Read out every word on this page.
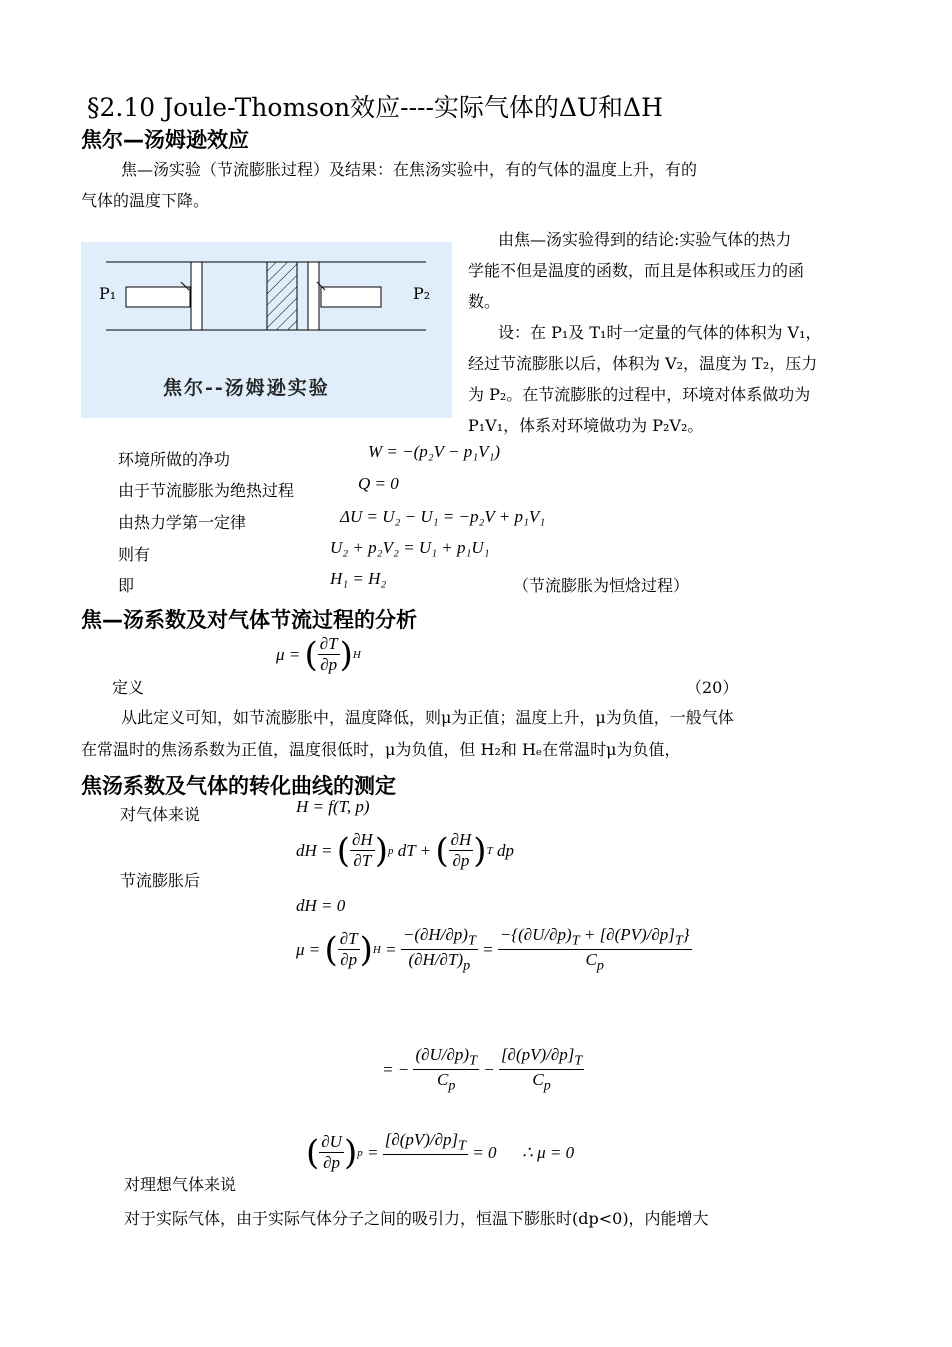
§2.10 Joule-Thomson效应----实际气体的ΔU和ΔH
焦尔—汤姆逊效应
焦—汤实验（节流膨胀过程）及结果：在焦汤实验中，有的气体的温度上升，有的
气体的温度下降。
P₁	P₂
焦尔--汤姆逊实验
由焦—汤实验得到的结论:实验气体的热力
学能不但是温度的函数，而且是体积或压力的函
数。
设：在 P₁及 T₁时一定量的气体的体积为 V₁，
经过节流膨胀以后，体积为 V₂，温度为 T₂，压力
为 P₂。在节流膨胀的过程中，环境对体系做功为
P₁V₁，体系对环境做功为 P₂V₂。
环境所做的净功	W = −(p₂V − p₁V₁)
由于节流膨胀为绝热过程	Q = 0
由热力学第一定律	ΔU = U₂ − U₁ = −p₂V + p₁V₁
则有	U₂ + p₂V₂ = U₁ + p₁U₁
即	H₁ = H₂	（节流膨胀为恒焓过程）
焦—汤系数及对气体节流过程的分析
μ = ( $\frac{\partial T}{\partial p}$ ) H
定义	（20）
从此定义可知，如节流膨胀中，温度降低，则μ为正值；温度上升，μ为负值，一般气体
在常温时的焦汤系数为正值，温度很低时，μ为负值，但 H₂和 Hₑ在常温时μ为负值，
焦汤系数及气体的转化曲线的测定
对气体来说	H = f(T, p)
dH = ( $\frac{\partial H}{\partial T}$ ) p dT + ( $\frac{\partial H}{\partial p}$ ) T dp
节流膨胀后
dH = 0
μ = ( $\frac{\partial T}{\partial p}$ ) $H = \frac{-(\partial H/\partial p)_T}{(\partial H/\partial T)_p} = \frac{-\{(\partial U/\partial p)_T + [\partial(PV)/\partial p]_T\}}{C_p}$
= − $\frac{(\partial U/\partial p)_T}{C_p} - \frac{[\partial(pV)/\partial p]_T}{C_p}$
( $\frac{\partial U}{\partial p}$ ) p =
$[\partial(pV)/\partial p]_T$
= 0 ∴ μ = 0
对理想气体来说
对于实际气体，由于实际气体分子之间的吸引力，恒温下膨胀时(dp<0)，内能增大
